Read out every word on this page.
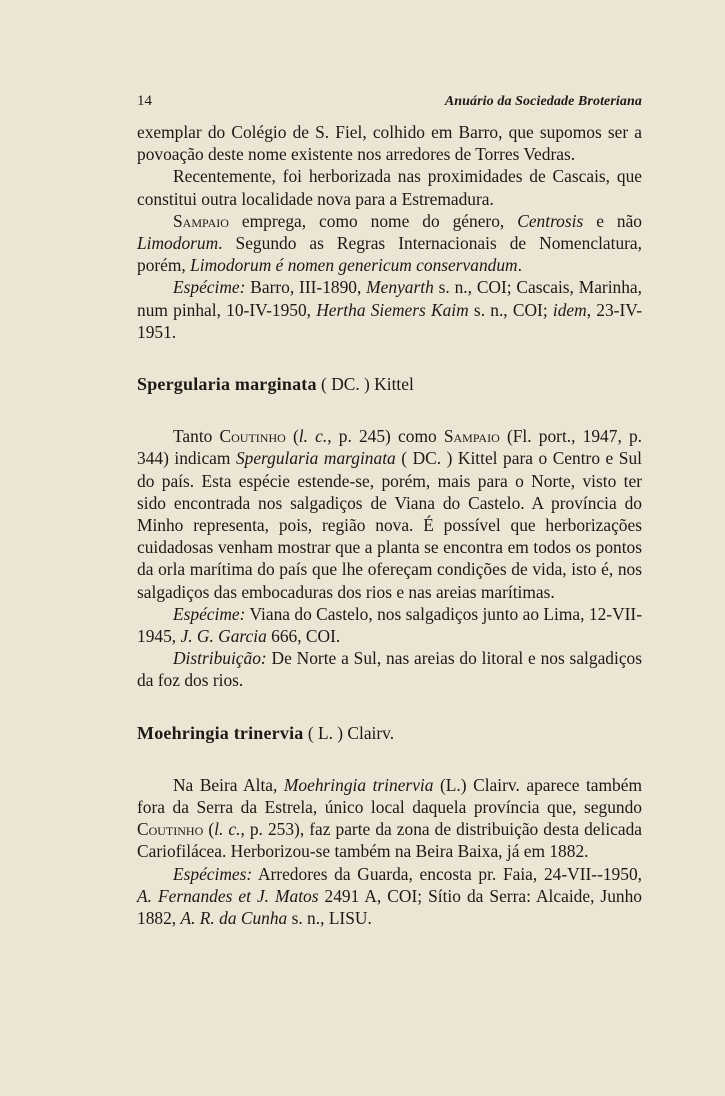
14	Anuário da Sociedade Broteriana

exemplar do Colégio de S. Fiel, colhido em Barro, que supomos ser a povoação deste nome existente nos arredores de Torres Vedras.

Recentemente, foi herborizada nas proximidades de Cascais, que constitui outra localidade nova para a Estremadura.

Sampaio emprega, como nome do género, Centrosis e não Limodorum. Segundo as Regras Internacionais de Nomenclatura, porém, Limodorum é nomen genericum conservandum.

Espécime: Barro, III-1890, Menyarth s. n., COI; Cascais, Marinha, num pinhal, 10-IV-1950, Hertha Siemers Kaim s. n., COI; idem, 23-IV-1951.

Spergularia marginata ( DC. ) Kittel

Tanto Coutinho (l. c., p. 245) como Sampaio (Fl. port., 1947, p. 344) indicam Spergularia marginata ( DC. ) Kittel para o Centro e Sul do país. Esta espécie estende-se, porém, mais para o Norte, visto ter sido encontrada nos salgadiços de Viana do Castelo. A província do Minho representa, pois, região nova. É possível que herborizações cuidadosas venham mostrar que a planta se encontra em todos os pontos da orla marítima do país que lhe ofereçam condições de vida, isto é, nos salgadiços das embocaduras dos rios e nas areias marítimas.

Espécime: Viana do Castelo, nos salgadiços junto ao Lima, 12-VII-1945, J. G. Garcia 666, COI.

Distribuição: De Norte a Sul, nas areias do litoral e nos salgadiços da foz dos rios.

Moehringia trinervia ( L. ) Clairv.

Na Beira Alta, Moehringia trinervia (L.) Clairv. aparece também fora da Serra da Estrela, único local daquela província que, segundo Coutinho (l. c., p. 253), faz parte da zona de distribuição desta delicada Cariofilácea. Herborizou-se também na Beira Baixa, já em 1882.

Espécimes: Arredores da Guarda, encosta pr. Faia, 24-VII--1950, A. Fernandes et J. Matos 2491 A, COI; Sítio da Serra: Alcaide, Junho 1882, A. R. da Cunha s. n., LISU.
